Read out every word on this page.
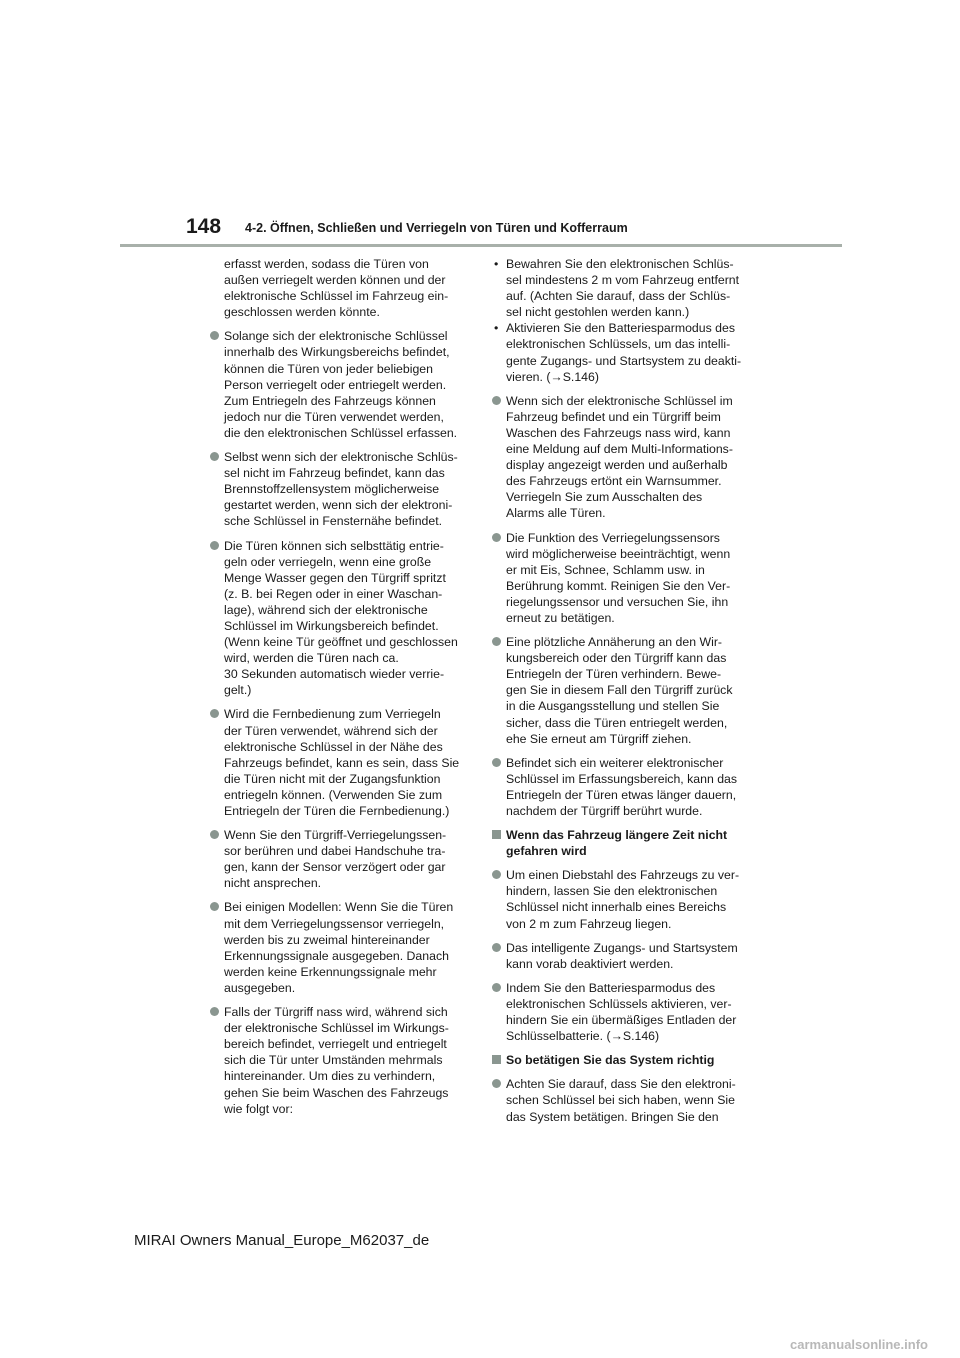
148 4-2. Öffnen, Schließen und Verriegeln von Türen und Kofferraum

erfasst werden, sodass die Türen von
außen verriegelt werden können und der
elektronische Schlüssel im Fahrzeug ein-
geschlossen werden könnte.

Solange sich der elektronische Schlüssel
innerhalb des Wirkungsbereichs befindet,
können die Türen von jeder beliebigen
Person verriegelt oder entriegelt werden.
Zum Entriegeln des Fahrzeugs können
jedoch nur die Türen verwendet werden,
die den elektronischen Schlüssel erfassen.
Selbst wenn sich der elektronische Schlüs-
sel nicht im Fahrzeug befindet, kann das
Brennstoffzellensystem möglicherweise
gestartet werden, wenn sich der elektroni-
sche Schlüssel in Fensternähe befindet.
Die Türen können sich selbsttätig entrie-
geln oder verriegeln, wenn eine große
Menge Wasser gegen den Türgriff spritzt
(z. B. bei Regen oder in einer Waschan-
lage), während sich der elektronische
Schlüssel im Wirkungsbereich befindet.
(Wenn keine Tür geöffnet und geschlossen
wird, werden die Türen nach ca.
30 Sekunden automatisch wieder verrie-
gelt.)
Wird die Fernbedienung zum Verriegeln
der Türen verwendet, während sich der
elektronische Schlüssel in der Nähe des
Fahrzeugs befindet, kann es sein, dass Sie
die Türen nicht mit der Zugangsfunktion
entriegeln können. (Verwenden Sie zum
Entriegeln der Türen die Fernbedienung.)
Wenn Sie den Türgriff-Verriegelungssen-
sor berühren und dabei Handschuhe tra-
gen, kann der Sensor verzögert oder gar
nicht ansprechen.
Bei einigen Modellen: Wenn Sie die Türen
mit dem Verriegelungssensor verriegeln,
werden bis zu zweimal hintereinander
Erkennungssignale ausgegeben. Danach
werden keine Erkennungssignale mehr
ausgegeben.
Falls der Türgriff nass wird, während sich
der elektronische Schlüssel im Wirkungs-
bereich befindet, verriegelt und entriegelt
sich die Tür unter Umständen mehrmals
hintereinander. Um dies zu verhindern,
gehen Sie beim Waschen des Fahrzeugs
wie folgt vor:
• Bewahren Sie den elektronischen Schlüs-
sel mindestens 2 m vom Fahrzeug entfernt
auf. (Achten Sie darauf, dass der Schlüs-
sel nicht gestohlen werden kann.)
• Aktivieren Sie den Batteriesparmodus des
elektronischen Schlüssels, um das intelli-
gente Zugangs- und Startsystem zu deakti-
vieren. (→S.146)
Wenn sich der elektronische Schlüssel im
Fahrzeug befindet und ein Türgriff beim
Waschen des Fahrzeugs nass wird, kann
eine Meldung auf dem Multi-Informations-
display angezeigt werden und außerhalb
des Fahrzeugs ertönt ein Warnsummer.
Verriegeln Sie zum Ausschalten des
Alarms alle Türen.
Die Funktion des Verriegelungssensors
wird möglicherweise beeinträchtigt, wenn
er mit Eis, Schnee, Schlamm usw. in
Berührung kommt. Reinigen Sie den Ver-
riegelungssensor und versuchen Sie, ihn
erneut zu betätigen.
Eine plötzliche Annäherung an den Wir-
kungsbereich oder den Türgriff kann das
Entriegeln der Türen verhindern. Bewe-
gen Sie in diesem Fall den Türgriff zurück
in die Ausgangsstellung und stellen Sie
sicher, dass die Türen entriegelt werden,
ehe Sie erneut am Türgriff ziehen.
Befindet sich ein weiterer elektronischer
Schlüssel im Erfassungsbereich, kann das
Entriegeln der Türen etwas länger dauern,
nachdem der Türgriff berührt wurde.
Wenn das Fahrzeug längere Zeit nicht
gefahren wird
Um einen Diebstahl des Fahrzeugs zu ver-
hindern, lassen Sie den elektronischen
Schlüssel nicht innerhalb eines Bereichs
von 2 m zum Fahrzeug liegen.
Das intelligente Zugangs- und Startsystem
kann vorab deaktiviert werden.
Indem Sie den Batteriesparmodus des
elektronischen Schlüssels aktivieren, ver-
hindern Sie ein übermäßiges Entladen der
Schlüsselbatterie. (→S.146)
So betätigen Sie das System richtig
Achten Sie darauf, dass Sie den elektroni-
schen Schlüssel bei sich haben, wenn Sie
das System betätigen. Bringen Sie den
MIRAI Owners Manual_Europe_M62037_de
carmanualsonline.info
